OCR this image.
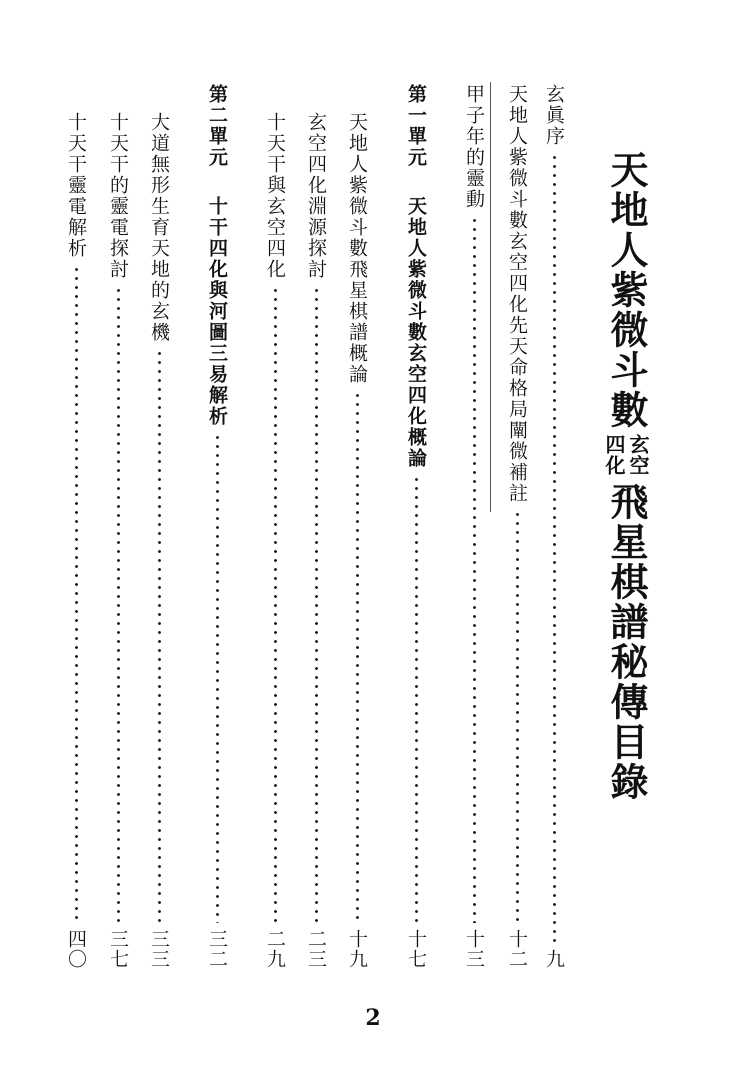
天地人紫微斗數
玄空
四化
飛星棋譜秘傳目錄
玄眞序
九
天地人紫微斗數玄空四化先天命格局闡微補註
十二
甲子年的靈動
十三
第一單元
天地人紫微斗數玄空四化概論
十七
天地人紫微斗數飛星棋譜概論
十九
玄空四化淵源探討
二三
十天干與玄空四化
二九
第二單元
十干四化與河圖三易解析
三二
大道無形生育天地的玄機
三三
十天干的靈電探討
三七
十天干靈電解析
四〇
2
